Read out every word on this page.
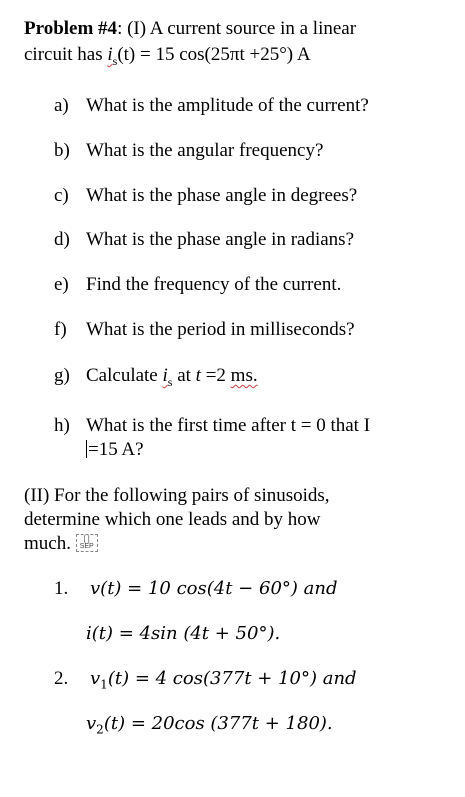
Problem #4: (I) A current source in a linear
circuit has $i_s(t) = 15$ cos(25πt +25°) A
a) What is the amplitude of the current?
b) What is the angular frequency?
c) What is the phase angle in degrees?
d) What is the phase angle in radians?
e) Find the frequency of the current.
f) What is the period in milliseconds?
g) Calculate $i_s$ at t =2 ms.
h) What is the first time after t = 0 that I
=15 A?
(II) For the following pairs of sinusoids,
determine which one leads and by how
much. [ ]
SEP
1. v(t) = 10 cos(4t − 60°) and
i(t) = 4sin (4t + 50°).
2. $v_1(t) = 4$ cos(377t + 10°) and
$v_2(t) = 20\cos$ (377t + 180).
